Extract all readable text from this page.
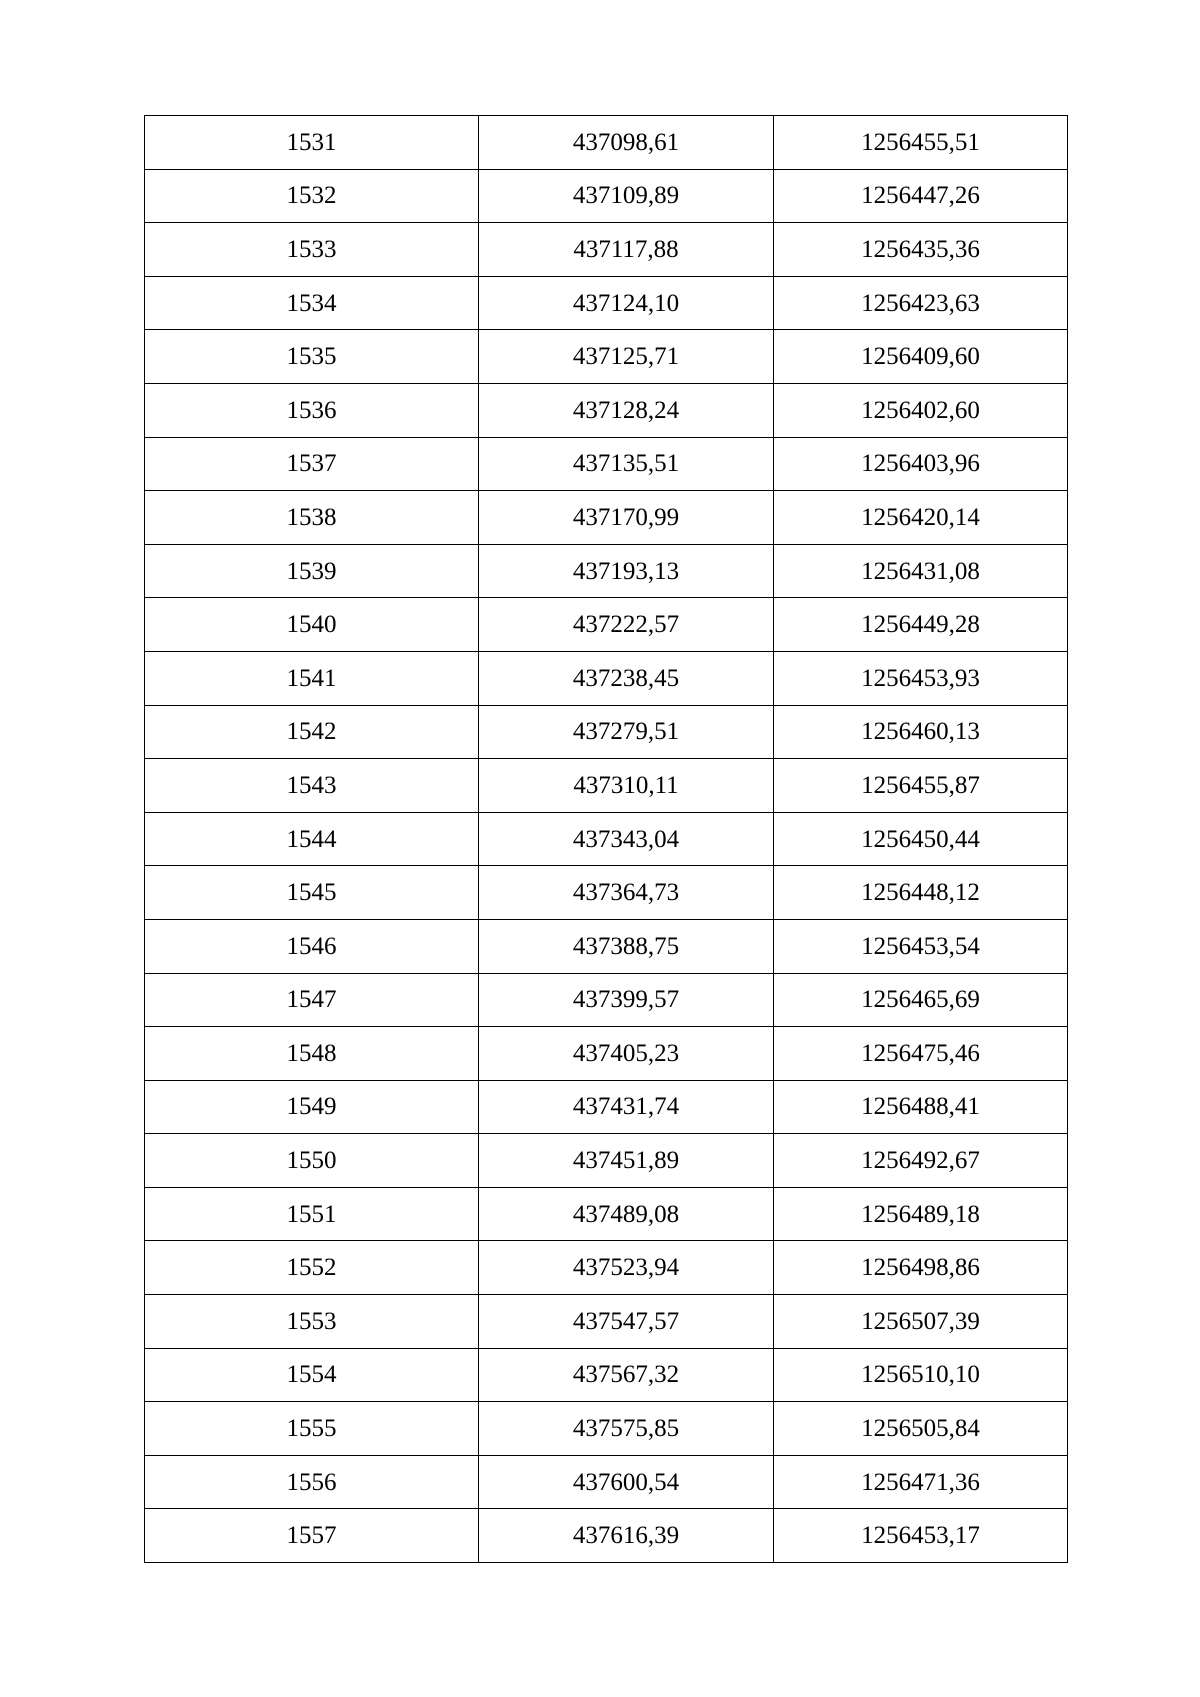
1531	437098,61	1256455,51
1532	437109,89	1256447,26
1533	437117,88	1256435,36
1534	437124,10	1256423,63
1535	437125,71	1256409,60
1536	437128,24	1256402,60
1537	437135,51	1256403,96
1538	437170,99	1256420,14
1539	437193,13	1256431,08
1540	437222,57	1256449,28
1541	437238,45	1256453,93
1542	437279,51	1256460,13
1543	437310,11	1256455,87
1544	437343,04	1256450,44
1545	437364,73	1256448,12
1546	437388,75	1256453,54
1547	437399,57	1256465,69
1548	437405,23	1256475,46
1549	437431,74	1256488,41
1550	437451,89	1256492,67
1551	437489,08	1256489,18
1552	437523,94	1256498,86
1553	437547,57	1256507,39
1554	437567,32	1256510,10
1555	437575,85	1256505,84
1556	437600,54	1256471,36
1557	437616,39	1256453,17
